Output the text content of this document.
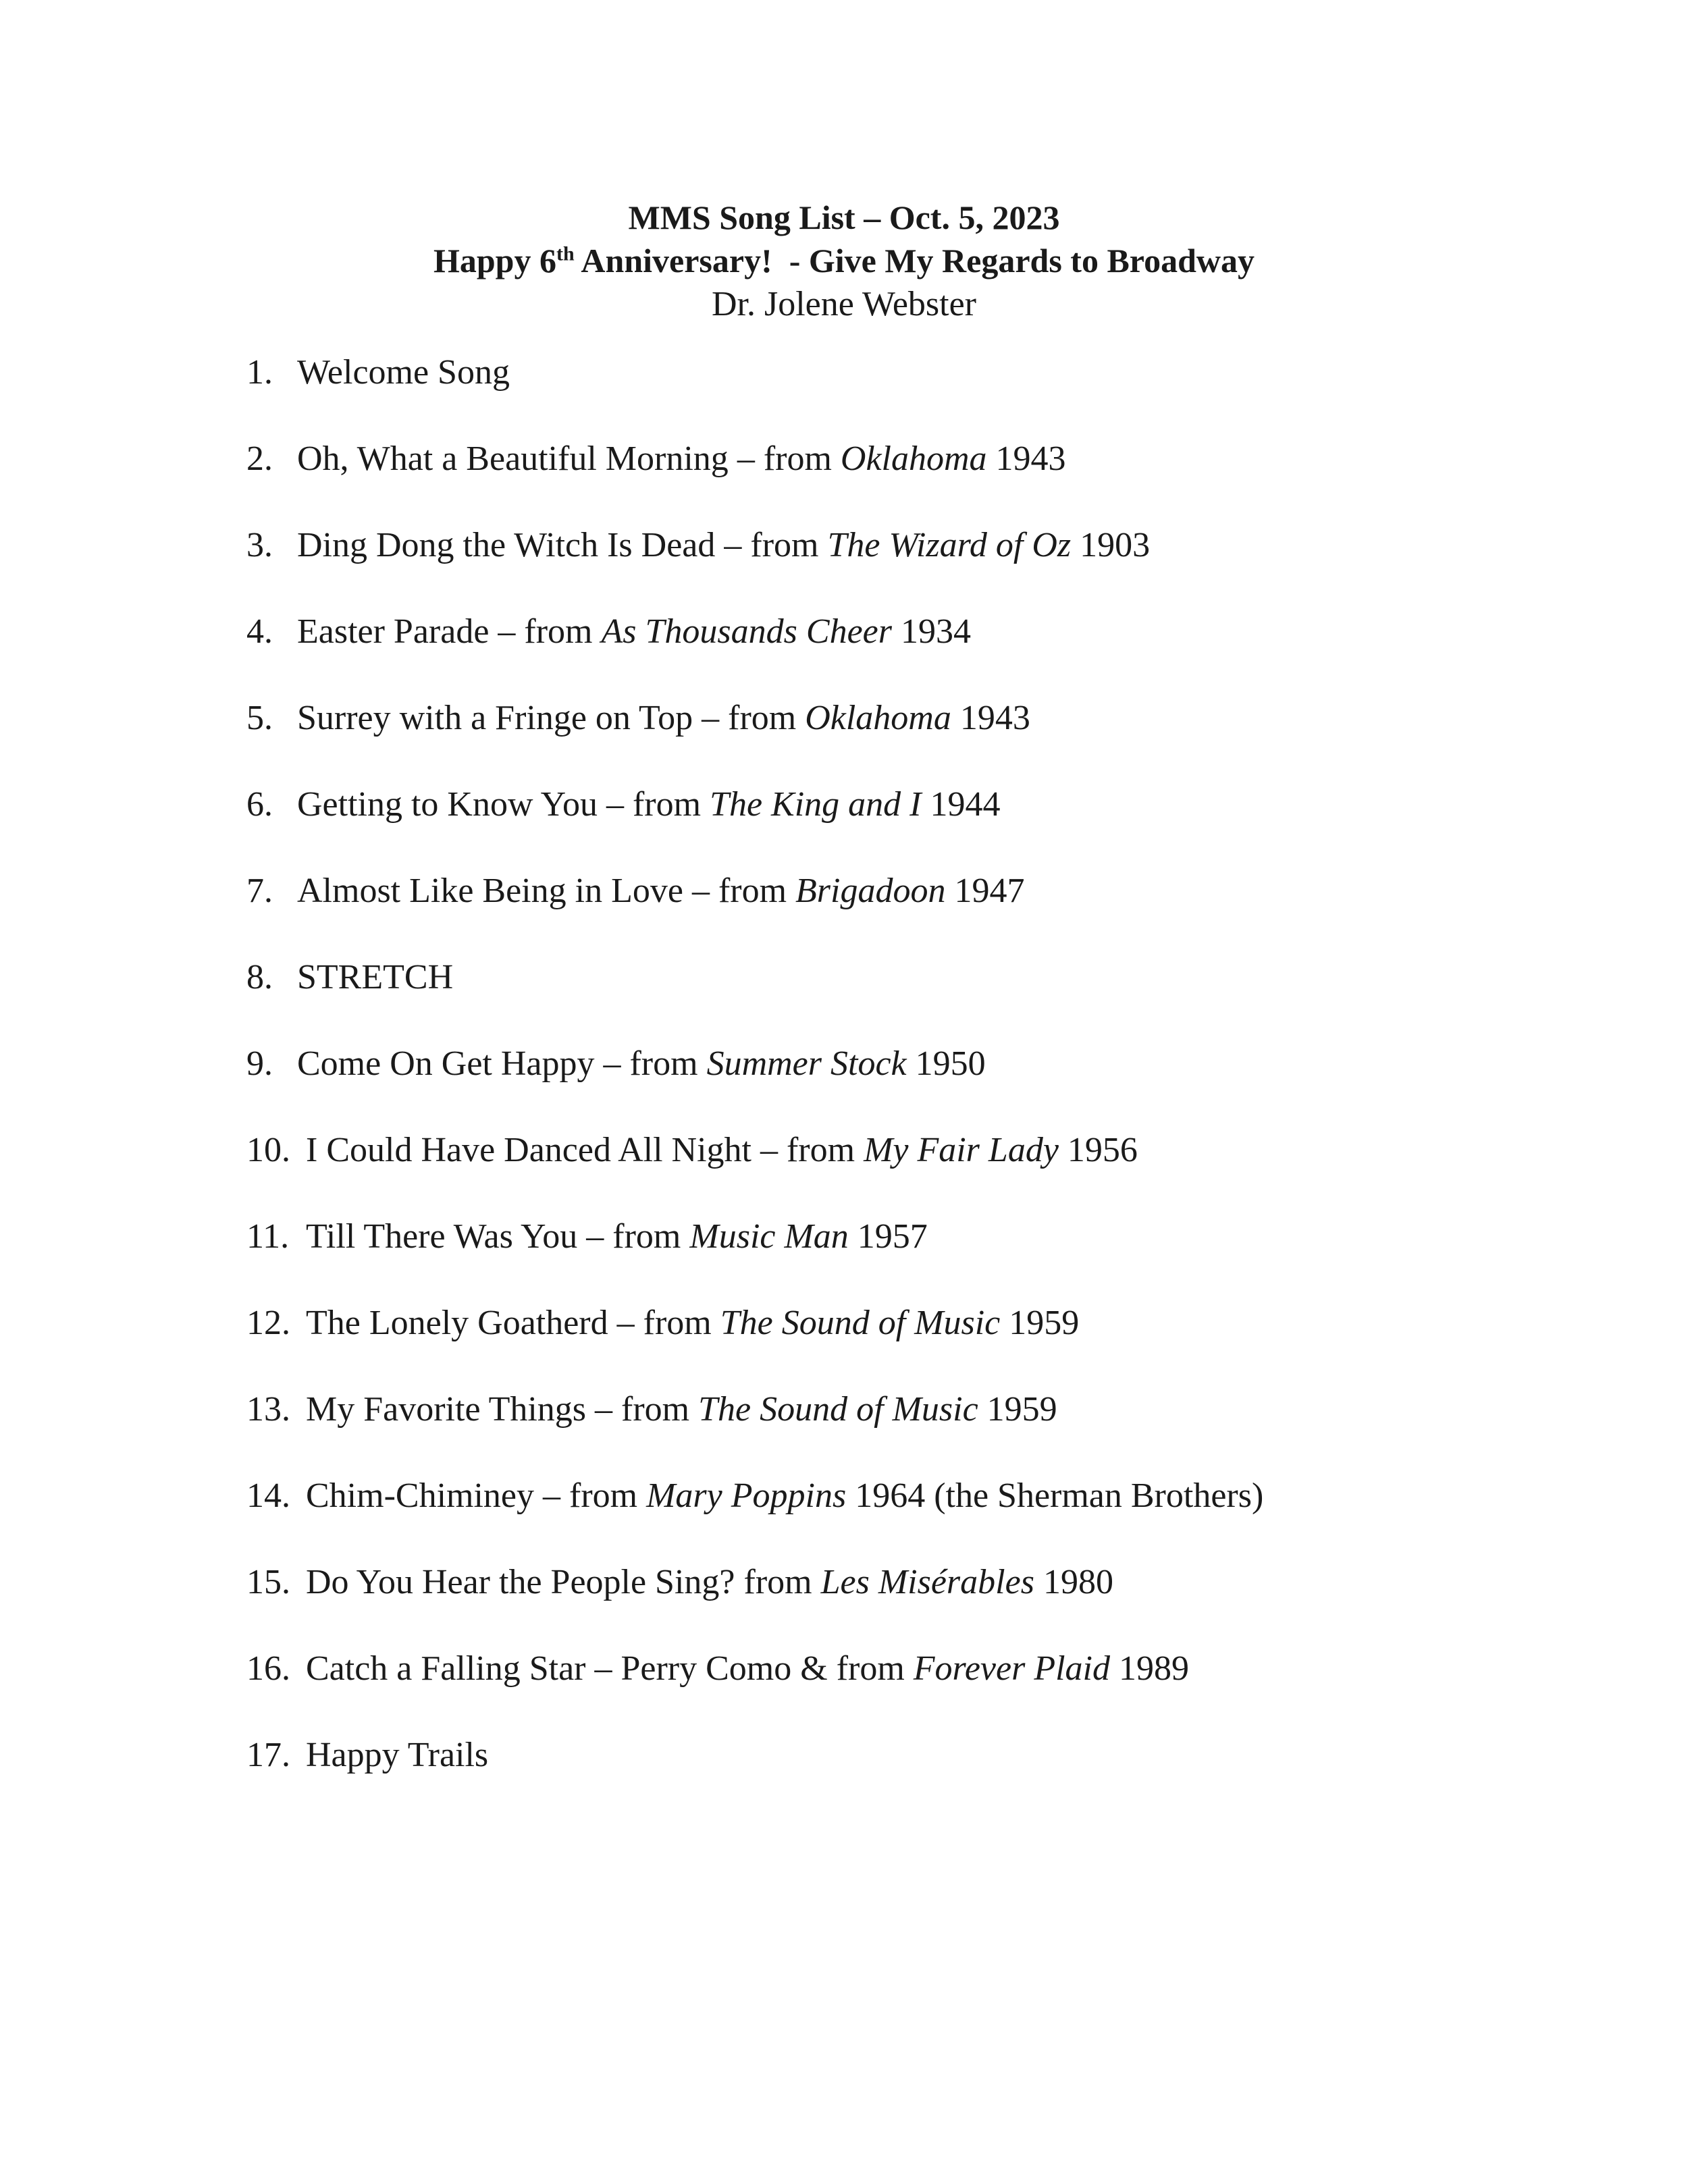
MMS Song List – Oct. 5, 2023

Happy 6th Anniversary!  - Give My Regards to Broadway

Dr. Jolene Webster

1. Welcome Song
2. Oh, What a Beautiful Morning – from Oklahoma 1943
3. Ding Dong the Witch Is Dead – from The Wizard of Oz 1903
4. Easter Parade – from As Thousands Cheer 1934
5. Surrey with a Fringe on Top – from Oklahoma 1943
6. Getting to Know You – from The King and I 1944
7. Almost Like Being in Love – from Brigadoon 1947
8. STRETCH
9. Come On Get Happy – from Summer Stock 1950
10. I Could Have Danced All Night – from My Fair Lady 1956
11. Till There Was You – from Music Man 1957
12. The Lonely Goatherd – from The Sound of Music 1959
13. My Favorite Things – from The Sound of Music 1959
14. Chim-Chiminey – from Mary Poppins 1964 (the Sherman Brothers)
15. Do You Hear the People Sing? from Les Misérables 1980
16. Catch a Falling Star – Perry Como & from Forever Plaid 1989
17. Happy Trails
